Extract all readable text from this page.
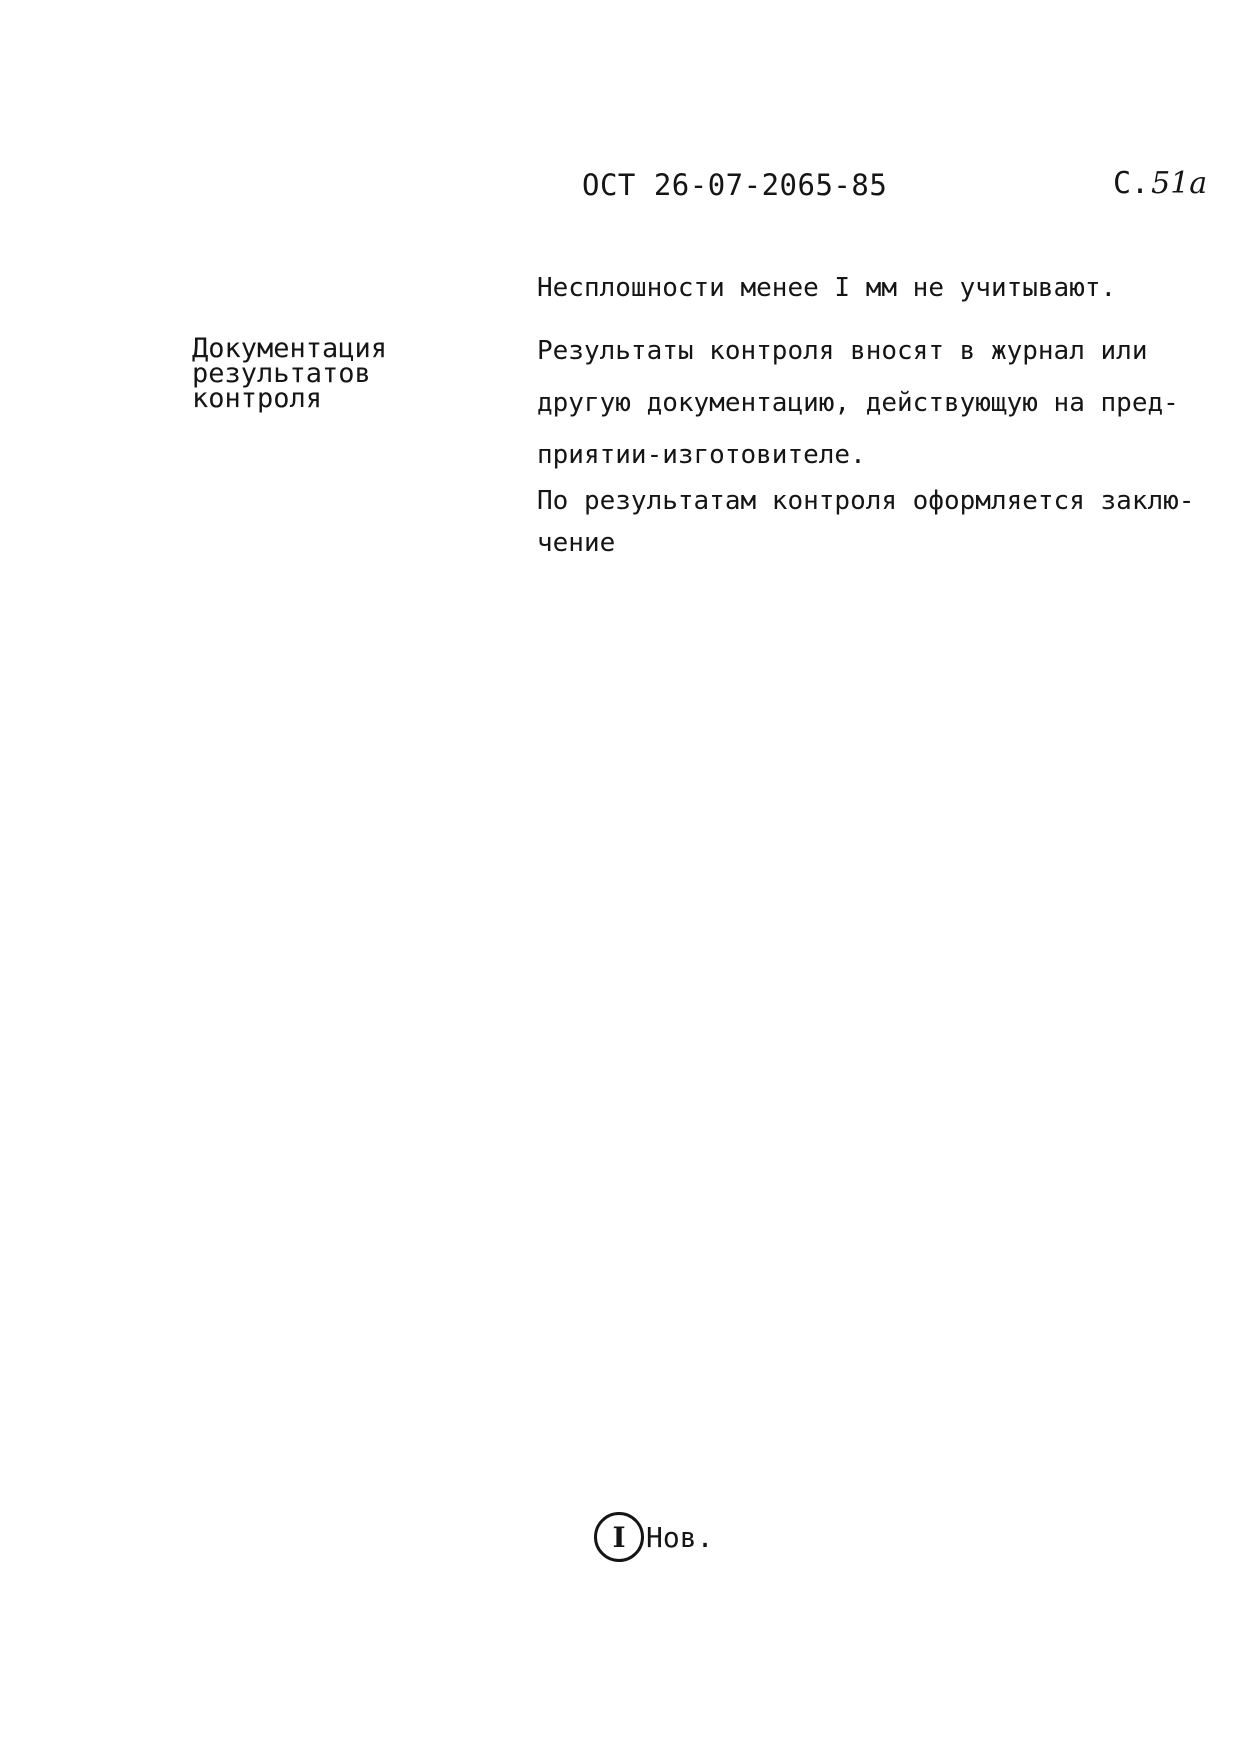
ОСТ 26-07-2065-85	С.51а
Документация
результатов
контроля
Несплошности менее I мм не учитывают.
Результаты контроля вносят в журнал или
другую документацию, действующую на пред-
приятии-изготовителе.
По результатам контроля оформляется заклю-
чение
I Нов.
